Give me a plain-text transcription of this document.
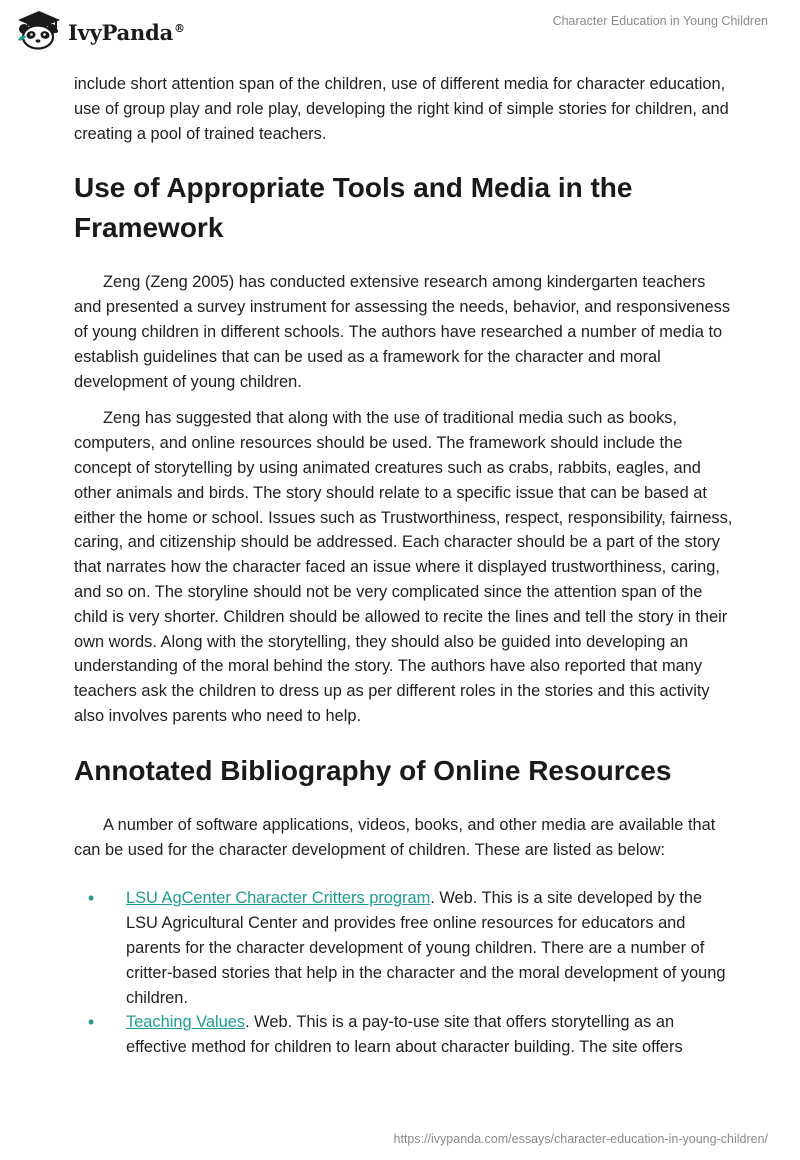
IvyPanda®	Character Education in Young Children

include short attention span of the children, use of different media for character education, use of group play and role play, developing the right kind of simple stories for children, and creating a pool of trained teachers.

Use of Appropriate Tools and Media in the Framework

Zeng (Zeng 2005) has conducted extensive research among kindergarten teachers and presented a survey instrument for assessing the needs, behavior, and responsiveness of young children in different schools. The authors have researched a number of media to establish guidelines that can be used as a framework for the character and moral development of young children.

Zeng has suggested that along with the use of traditional media such as books, computers, and online resources should be used. The framework should include the concept of storytelling by using animated creatures such as crabs, rabbits, eagles, and other animals and birds. The story should relate to a specific issue that can be based at either the home or school. Issues such as Trustworthiness, respect, responsibility, fairness, caring, and citizenship should be addressed. Each character should be a part of the story that narrates how the character faced an issue where it displayed trustworthiness, caring, and so on. The storyline should not be very complicated since the attention span of the child is very shorter. Children should be allowed to recite the lines and tell the story in their own words. Along with the storytelling, they should also be guided into developing an understanding of the moral behind the story. The authors have also reported that many teachers ask the children to dress up as per different roles in the stories and this activity also involves parents who need to help.

Annotated Bibliography of Online Resources

A number of software applications, videos, books, and other media are available that can be used for the character development of children. These are listed as below:

• LSU AgCenter Character Critters program. Web. This is a site developed by the LSU Agricultural Center and provides free online resources for educators and parents for the character development of young children. There are a number of critter-based stories that help in the character and the moral development of young children.
• Teaching Values. Web. This is a pay-to-use site that offers storytelling as an effective method for children to learn about character building. The site offers
https://ivypanda.com/essays/character-education-in-young-children/
